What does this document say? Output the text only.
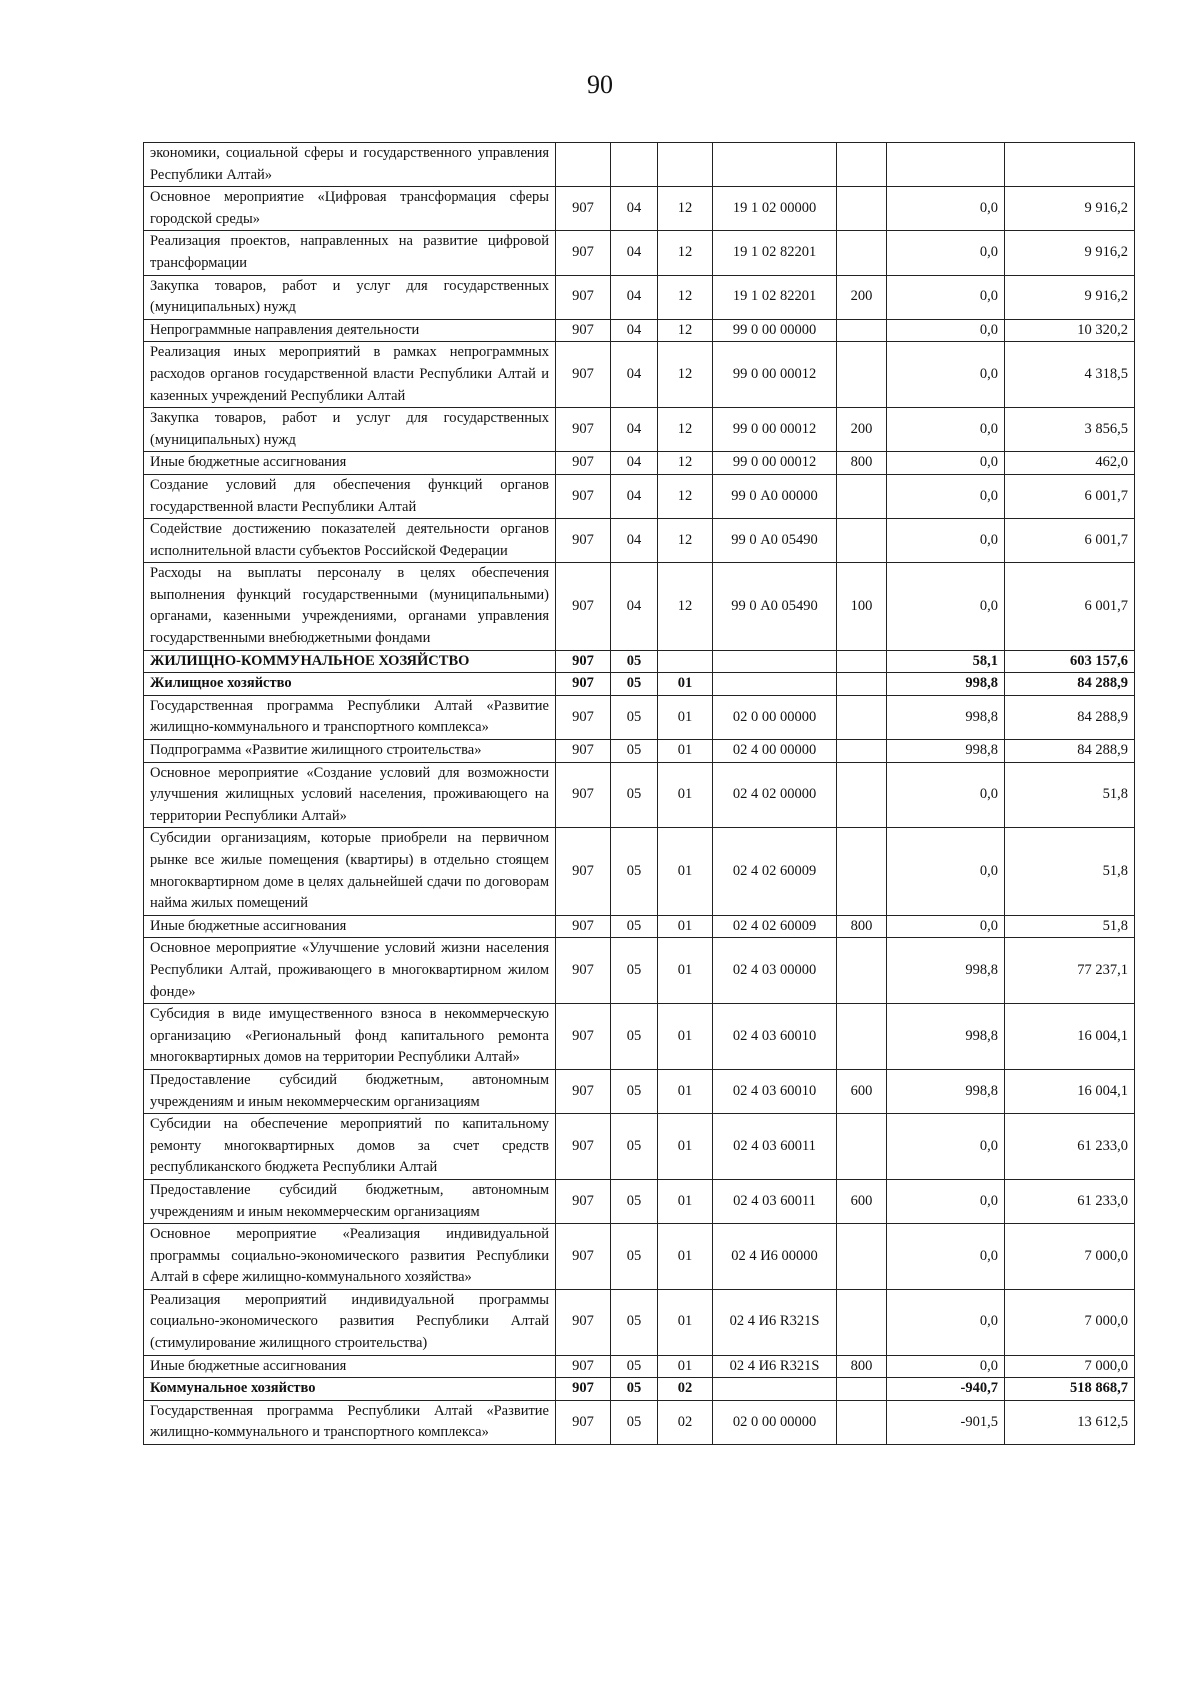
90
экономики, социальной сферы и государственного управления Республики Алтай»							
Основное мероприятие «Цифровая трансформация сферы городской среды»	907	04	12	19 1 02 00000		0,0	9 916,2
Реализация проектов, направленных на развитие цифровой трансформации	907	04	12	19 1 02 82201		0,0	9 916,2
Закупка товаров, работ и услуг для государственных (муниципальных) нужд	907	04	12	19 1 02 82201	200	0,0	9 916,2
Непрограммные направления деятельности	907	04	12	99 0 00 00000		0,0	10 320,2
Реализация иных мероприятий в рамках непрограммных расходов органов государственной власти Республики Алтай и казенных учреждений Республики Алтай	907	04	12	99 0 00 00012		0,0	4 318,5
Закупка товаров, работ и услуг для государственных (муниципальных) нужд	907	04	12	99 0 00 00012	200	0,0	3 856,5
Иные бюджетные ассигнования	907	04	12	99 0 00 00012	800	0,0	462,0
Создание условий для обеспечения функций органов государственной власти Республики Алтай	907	04	12	99 0 А0 00000		0,0	6 001,7
Содействие достижению показателей деятельности органов исполнительной власти субъектов Российской Федерации	907	04	12	99 0 А0 05490		0,0	6 001,7
Расходы на выплаты персоналу в целях обеспечения выполнения функций государственными (муниципальными) органами, казенными учреждениями, органами управления государственными внебюджетными фондами	907	04	12	99 0 А0 05490	100	0,0	6 001,7
ЖИЛИЩНО-КОММУНАЛЬНОЕ ХОЗЯЙСТВО	907	05				58,1	603 157,6
Жилищное хозяйство	907	05	01			998,8	84 288,9
Государственная программа Республики Алтай «Развитие жилищно-коммунального и транспортного комплекса»	907	05	01	02 0 00 00000		998,8	84 288,9
Подпрограмма «Развитие жилищного строительства»	907	05	01	02 4 00 00000		998,8	84 288,9
Основное мероприятие «Создание условий для возможности улучшения жилищных условий населения, проживающего на территории Республики Алтай»	907	05	01	02 4 02 00000		0,0	51,8
Субсидии организациям, которые приобрели на первичном рынке все жилые помещения (квартиры) в отдельно стоящем многоквартирном доме в целях дальнейшей сдачи по договорам найма жилых помещений	907	05	01	02 4 02 60009		0,0	51,8
Иные бюджетные ассигнования	907	05	01	02 4 02 60009	800	0,0	51,8
Основное мероприятие «Улучшение условий жизни населения Республики Алтай, проживающего в многоквартирном жилом фонде»	907	05	01	02 4 03 00000		998,8	77 237,1
Субсидия в виде имущественного взноса в некоммерческую организацию «Региональный фонд капитального ремонта многоквартирных домов на территории Республики Алтай»	907	05	01	02 4 03 60010		998,8	16 004,1
Предоставление субсидий бюджетным, автономным учреждениям и иным некоммерческим организациям	907	05	01	02 4 03 60010	600	998,8	16 004,1
Субсидии на обеспечение мероприятий по капитальному ремонту многоквартирных домов за счет средств республиканского бюджета Республики Алтай	907	05	01	02 4 03 60011		0,0	61 233,0
Предоставление субсидий бюджетным, автономным учреждениям и иным некоммерческим организациям	907	05	01	02 4 03 60011	600	0,0	61 233,0
Основное мероприятие «Реализация индивидуальной программы социально-экономического развития Республики Алтай в сфере жилищно-коммунального хозяйства»	907	05	01	02 4 И6 00000		0,0	7 000,0
Реализация мероприятий индивидуальной программы социально-экономического развития Республики Алтай (стимулирование жилищного строительства)	907	05	01	02 4 И6 R321S		0,0	7 000,0
Иные бюджетные ассигнования	907	05	01	02 4 И6 R321S	800	0,0	7 000,0
Коммунальное хозяйство	907	05	02			-940,7	518 868,7
Государственная программа Республики Алтай «Развитие жилищно-коммунального и транспортного комплекса»	907	05	02	02 0 00 00000		-901,5	13 612,5
